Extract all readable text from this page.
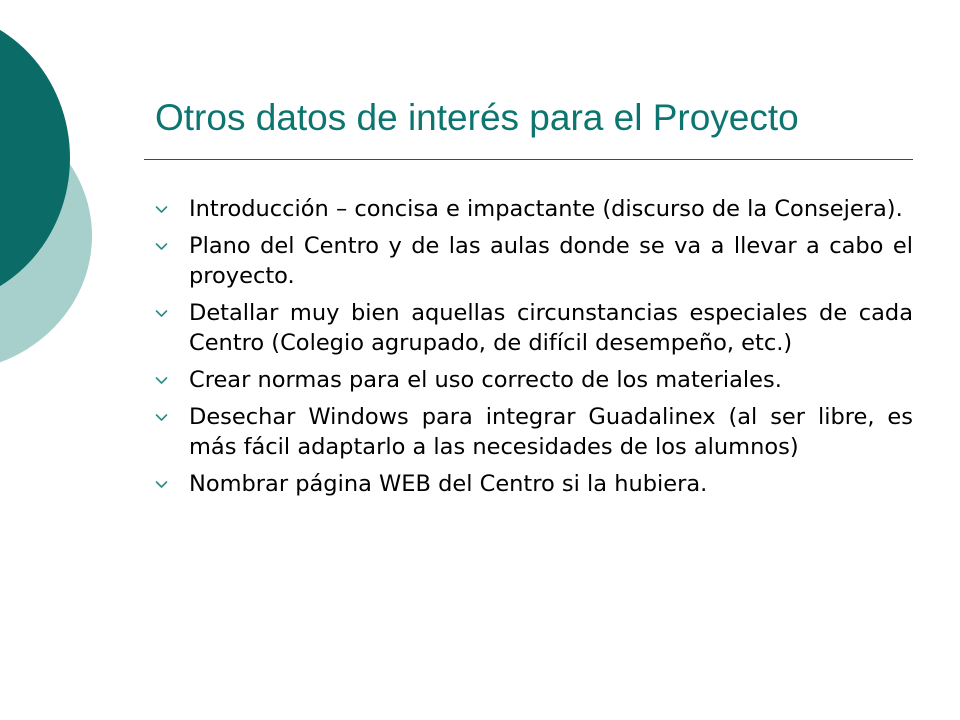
Otros datos de interés para el Proyecto
Introducción – concisa e impactante (discurso de la Consejera).
Plano del Centro y de las aulas donde se va a llevar a cabo el proyecto.
Detallar muy bien aquellas circunstancias especiales de cada Centro (Colegio agrupado, de difícil desempeño, etc.)
Crear normas para el uso correcto de los materiales.
Desechar Windows para integrar Guadalinex (al ser libre, es más fácil adaptarlo a las necesidades de los alumnos)
Nombrar página WEB del Centro si la hubiera.
